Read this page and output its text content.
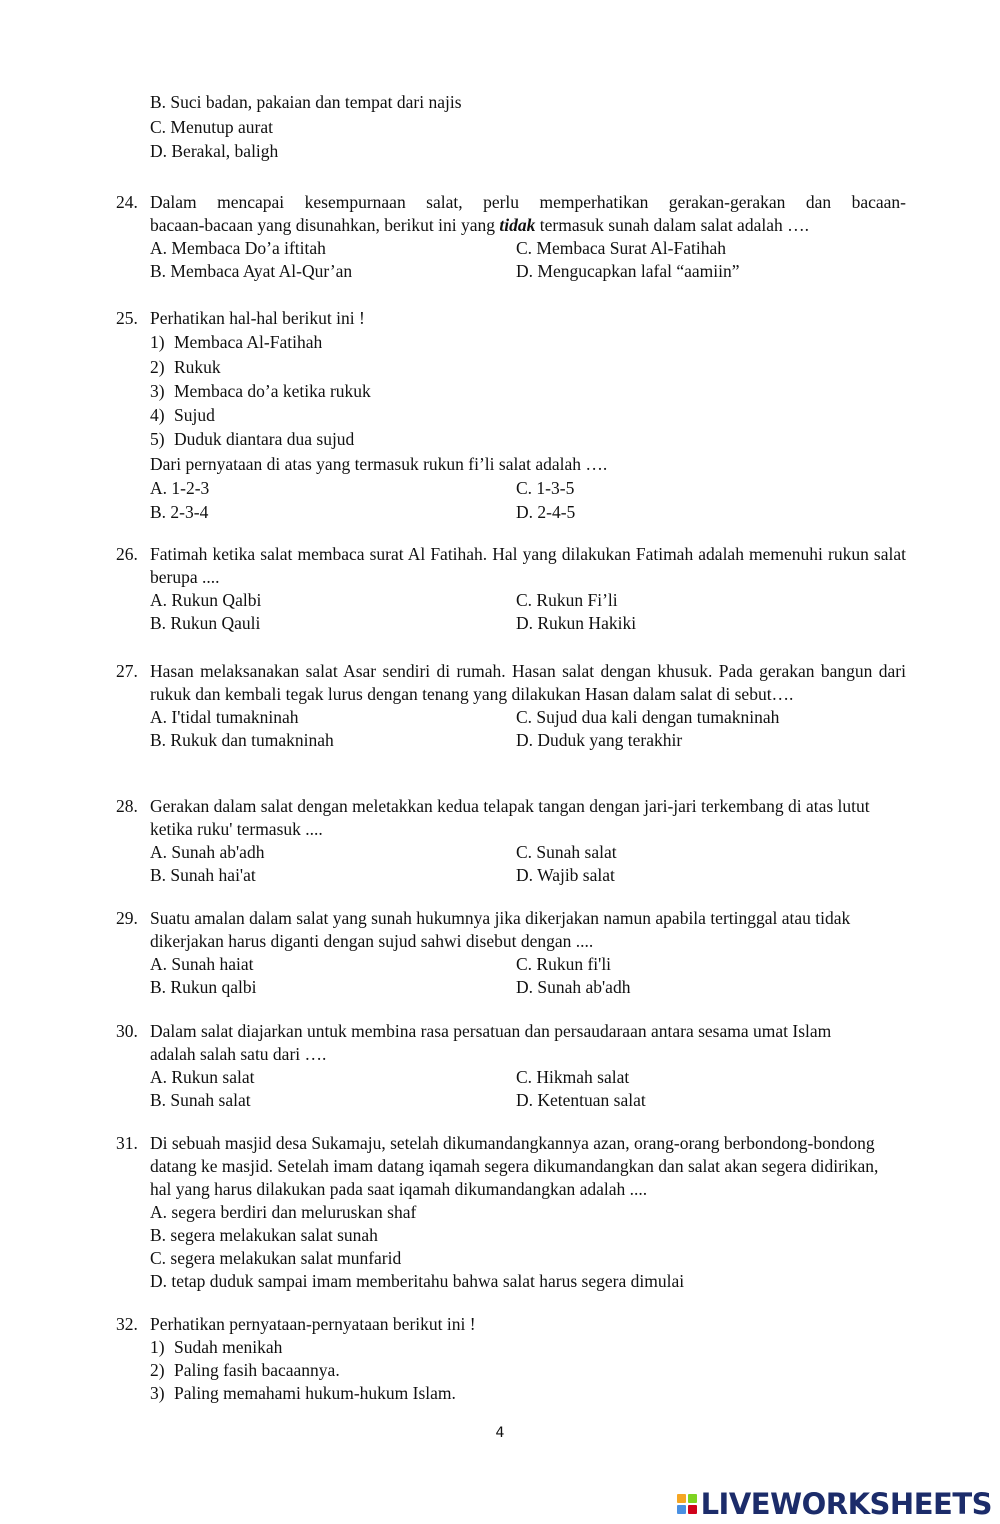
B. Suci badan, pakaian dan tempat dari najis
C. Menutup aurat
D. Berakal, baligh
24. Dalam mencapai kesempurnaan salat, perlu memperhatikan gerakan-gerakan dan bacaan-
bacaan-bacaan yang disunahkan, berikut ini yang tidak termasuk sunah dalam salat adalah ….
A. Membaca Do’a iftitah	C. Membaca Surat Al-Fatihah
B. Membaca Ayat Al-Qur’an	D. Mengucapkan lafal “aamiin”
25. Perhatikan hal-hal berikut ini !
1) Membaca Al-Fatihah
2) Rukuk
3) Membaca do’a ketika rukuk
4) Sujud
5) Duduk diantara dua sujud
Dari pernyataan di atas yang termasuk rukun fi’li salat adalah ….
A. 1-2-3	C. 1-3-5
B. 2-3-4	D. 2-4-5
26. Fatimah ketika salat membaca surat Al Fatihah. Hal yang dilakukan Fatimah adalah memenuhi rukun salat berupa ....
A. Rukun Qalbi	C. Rukun Fi’li
B. Rukun Qauli	D. Rukun Hakiki
27. Hasan melaksanakan salat Asar sendiri di rumah. Hasan salat dengan khusuk. Pada gerakan bangun dari rukuk dan kembali tegak lurus dengan tenang yang dilakukan Hasan dalam salat di sebut….
A. I'tidal tumakninah	C. Sujud dua kali dengan tumakninah
B. Rukuk dan tumakninah	D. Duduk yang terakhir
28. Gerakan dalam salat dengan meletakkan kedua telapak tangan dengan jari-jari terkembang di atas lutut ketika ruku' termasuk ....
A. Sunah ab'adh	C. Sunah salat
B. Sunah hai'at	D. Wajib salat
29. Suatu amalan dalam salat yang sunah hukumnya jika dikerjakan namun apabila tertinggal atau tidak dikerjakan harus diganti dengan sujud sahwi disebut dengan ....
A. Sunah haiat	C. Rukun fi'li
B. Rukun qalbi	D. Sunah ab'adh
30. Dalam salat diajarkan untuk membina rasa persatuan dan persaudaraan antara sesama umat Islam adalah salah satu dari ….
A. Rukun salat	C. Hikmah salat
B. Sunah salat	D. Ketentuan salat
31. Di sebuah masjid desa Sukamaju, setelah dikumandangkannya azan, orang-orang berbondong-bondong datang ke masjid. Setelah imam datang iqamah segera dikumandangkan dan salat akan segera didirikan, hal yang harus dilakukan pada saat iqamah dikumandangkan adalah ....
A. segera berdiri dan meluruskan shaf
B. segera melakukan salat sunah
C. segera melakukan salat munfarid
D. tetap duduk sampai imam memberitahu bahwa salat harus segera dimulai
32. Perhatikan pernyataan-pernyataan berikut ini !
1) Sudah menikah
2) Paling fasih bacaannya.
3) Paling memahami hukum-hukum Islam.
4
LIVEWORKSHEETS
